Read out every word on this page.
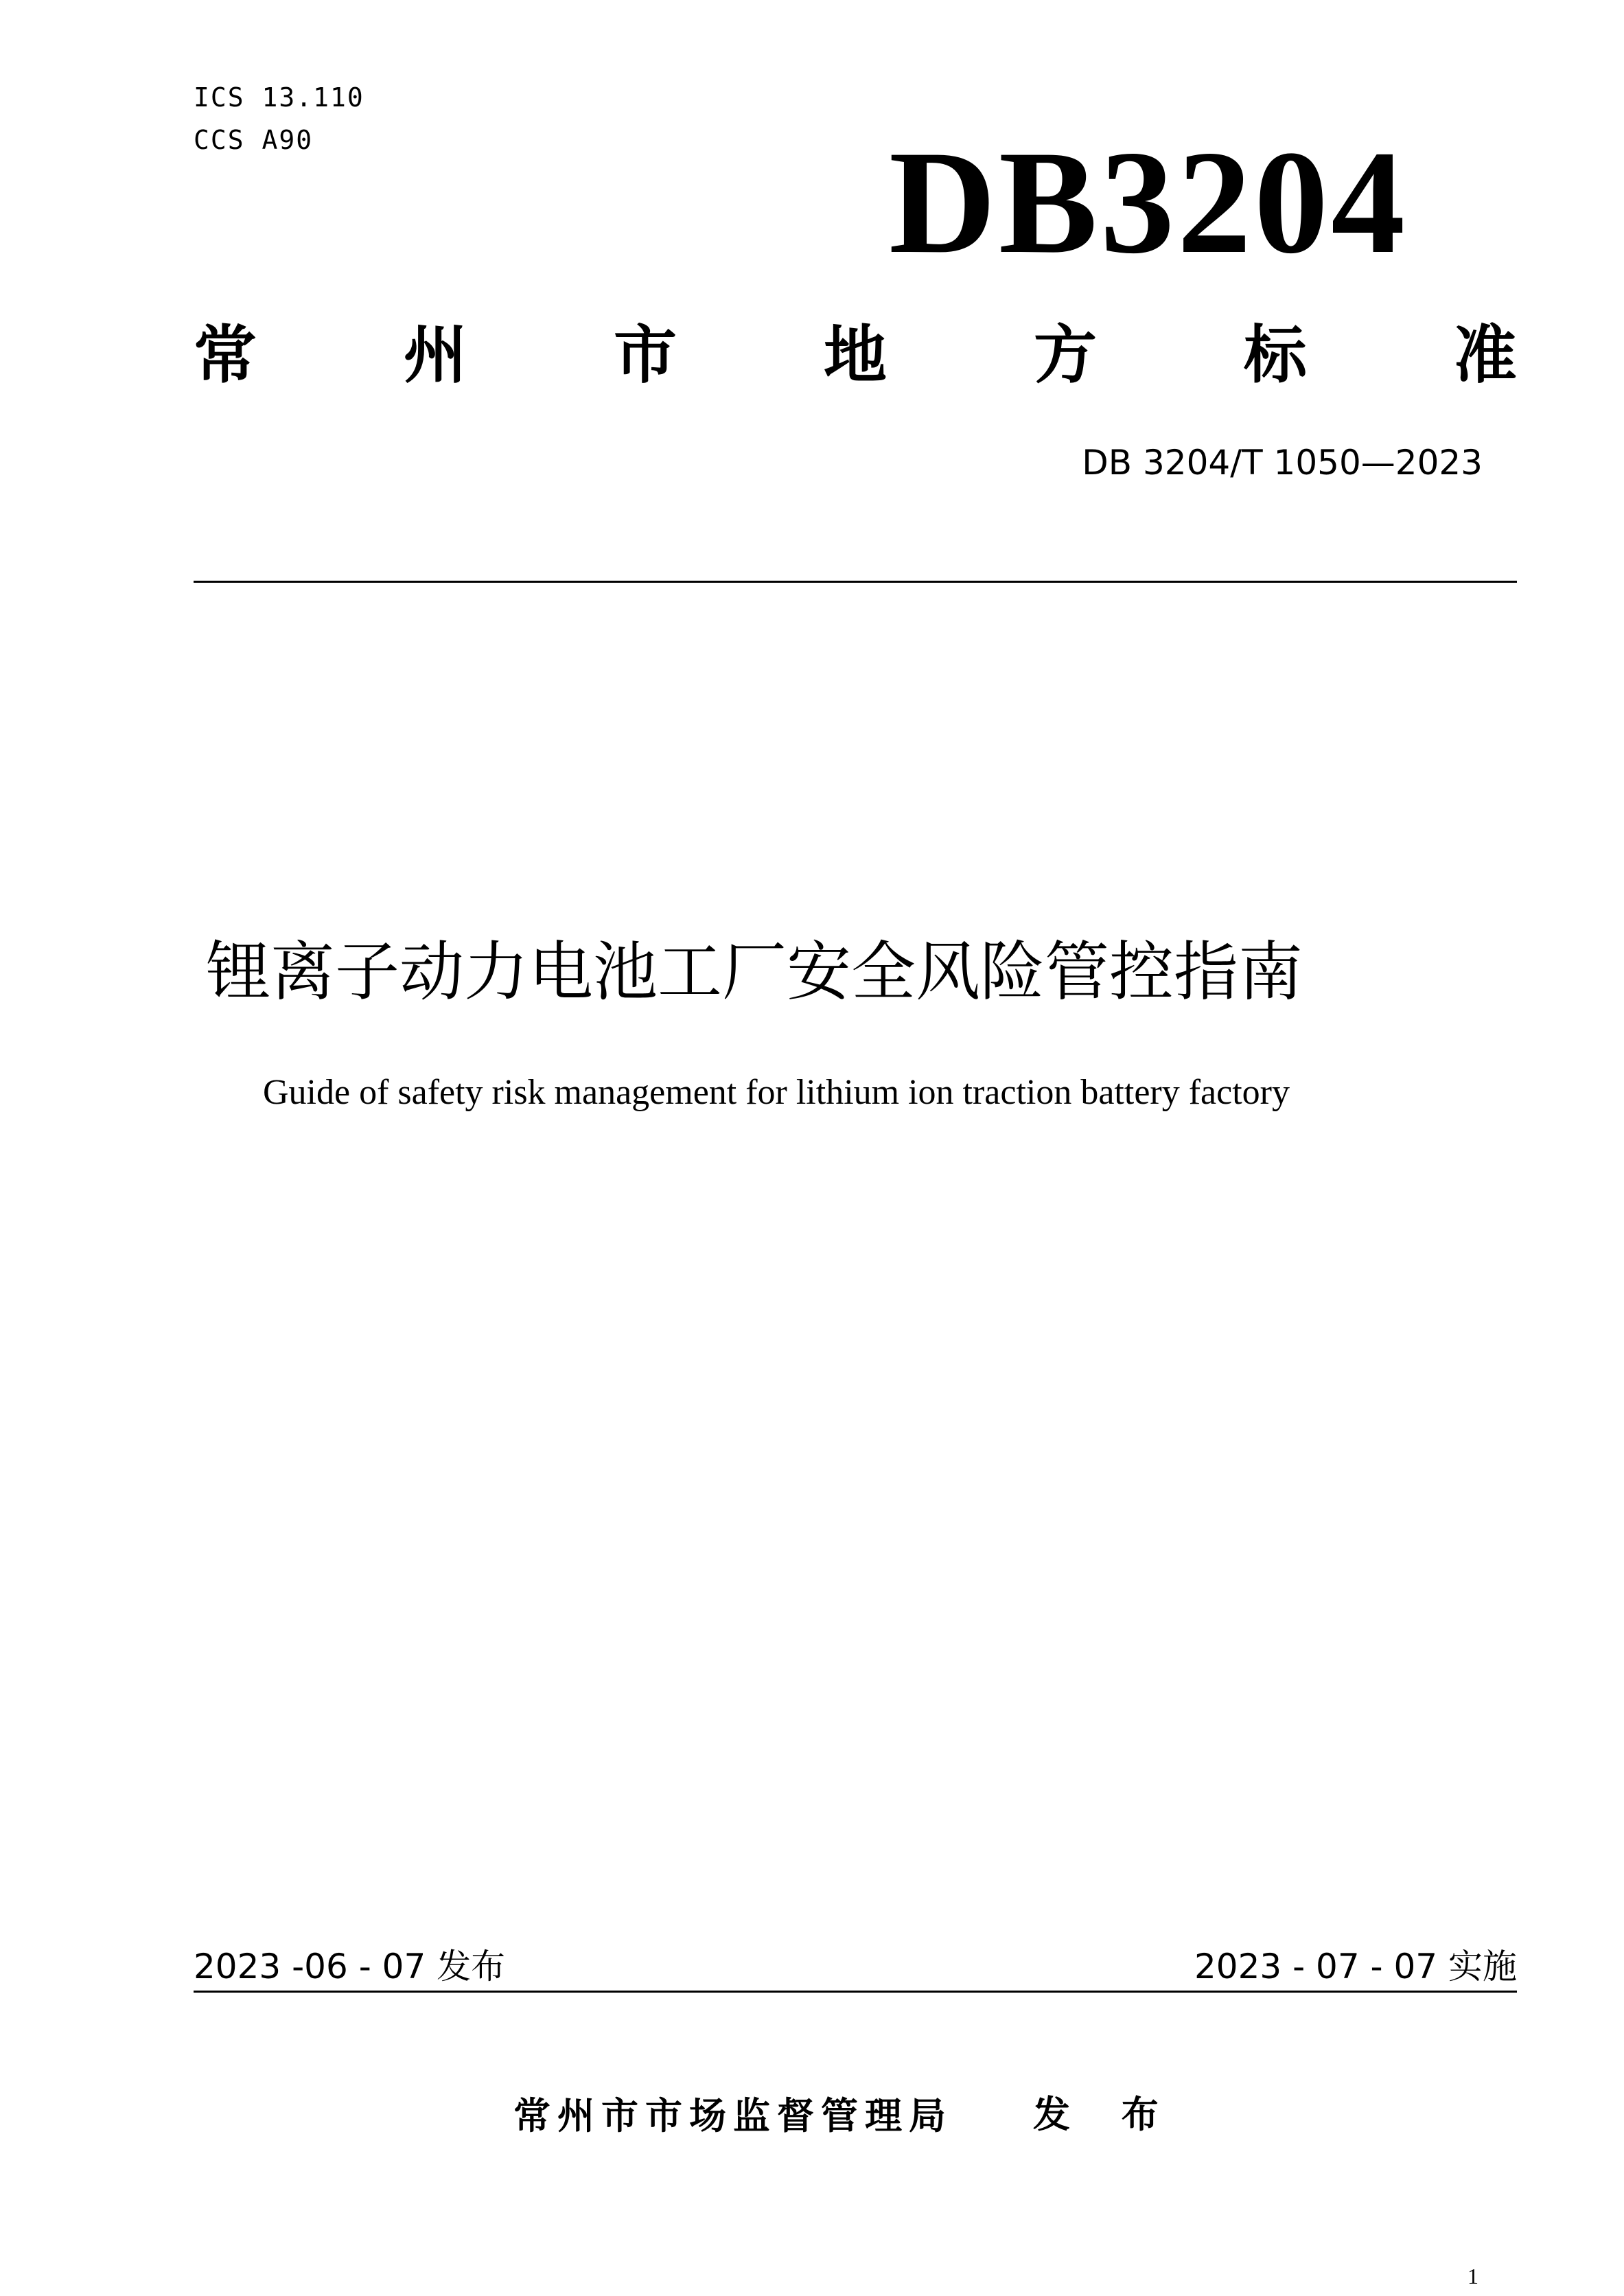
ICS 13.110
CCS A90	DB3204
常 州 市 地 方 标 准
DB 3204/T 1050—2023
锂离子动力电池工厂安全风险管控指南
Guide of safety risk management for lithium ion traction battery factory
2023 -06 - 07 发布	2023 - 07 - 07 实施
常州市市场监督管理局 发 布
1
